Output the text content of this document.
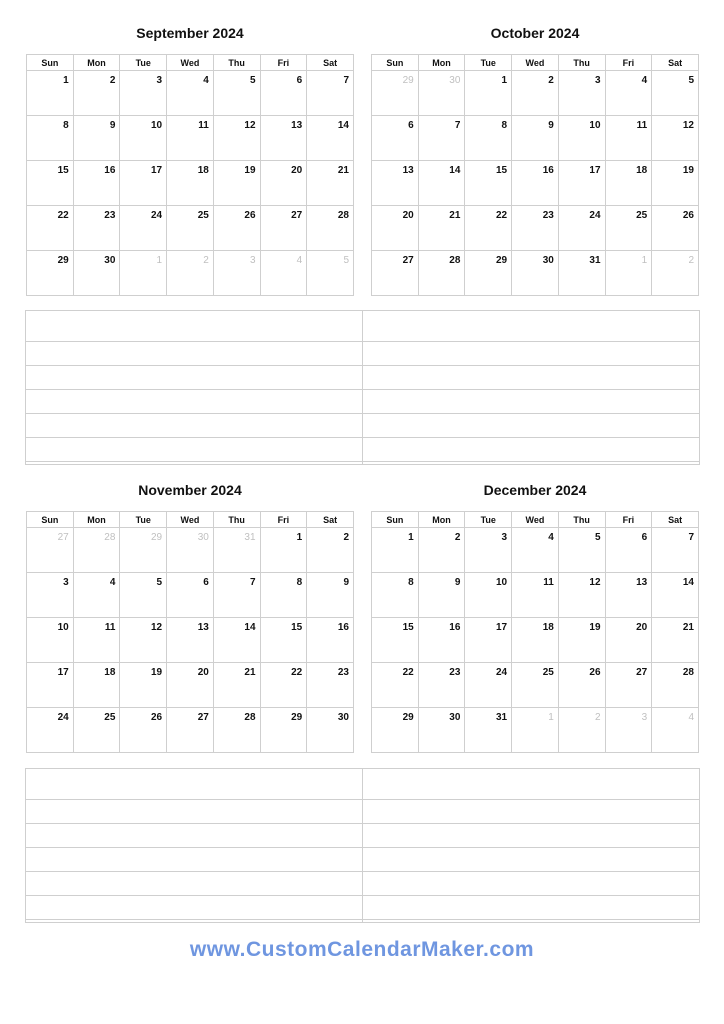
September 2024
Sun	Mon	Tue	Wed	Thu	Fri	Sat

1	2	3	4	5	6	7

8	9	10	11	12	13	14

15	16	17	18	19	20	21

22	23	24	25	26	27	28

29	30	1	2	3	4	5
October 2024
Sun	Mon	Tue	Wed	Thu	Fri	Sat

29	30	1	2	3	4	5

6	7	8	9	10	11	12

13	14	15	16	17	18	19

20	21	22	23	24	25	26

27	28	29	30	31	1	2
November 2024
Sun	Mon	Tue	Wed	Thu	Fri	Sat

27	28	29	30	31	1	2

3	4	5	6	7	8	9

10	11	12	13	14	15	16

17	18	19	20	21	22	23

24	25	26	27	28	29	30
December 2024
Sun	Mon	Tue	Wed	Thu	Fri	Sat

1	2	3	4	5	6	7

8	9	10	11	12	13	14

15	16	17	18	19	20	21

22	23	24	25	26	27	28

29	30	31	1	2	3	4
www.CustomCalendarMaker.com
